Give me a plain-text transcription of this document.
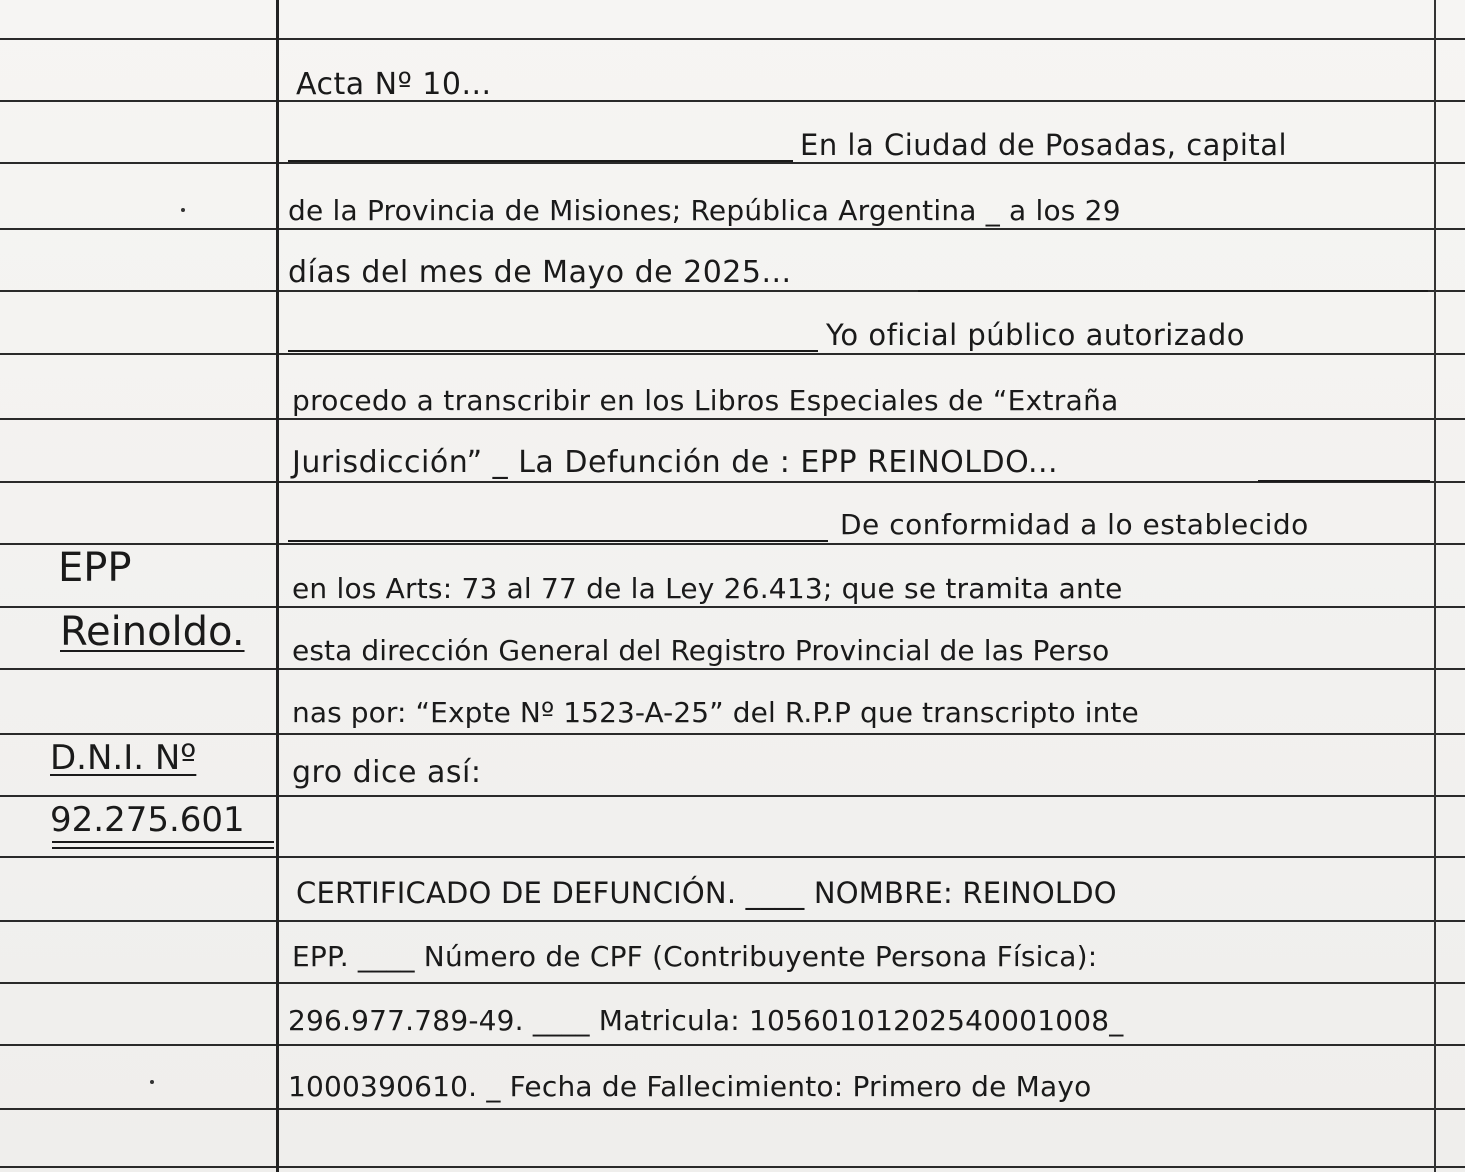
EPP
Reinoldo.
D.N.I. Nº
92.275.601
Acta Nº 10...
En la Ciudad de Posadas, capital
de la Provincia de Misiones; República Argentina _ a los 29
días del mes de Mayo de 2025...
Yo oficial público autorizado
procedo a transcribir en los Libros Especiales de “Extraña
Jurisdicción” _ La Defunción de : EPP REINOLDO...
De conformidad a lo establecido
en los Arts: 73 al 77 de la Ley 26.413; que se tramita ante
esta dirección General del Registro Provincial de las Perso
nas por: “Expte Nº 1523-A-25” del R.P.P que transcripto inte
gro dice así:
CERTIFICADO DE DEFUNCIÓN. ____ NOMBRE: REINOLDO
EPP. ____ Número de CPF (Contribuyente Persona Física):
296.977.789-49. ____ Matricula: 10560101202540001008_
1000390610. _ Fecha de Fallecimiento: Primero de Mayo
